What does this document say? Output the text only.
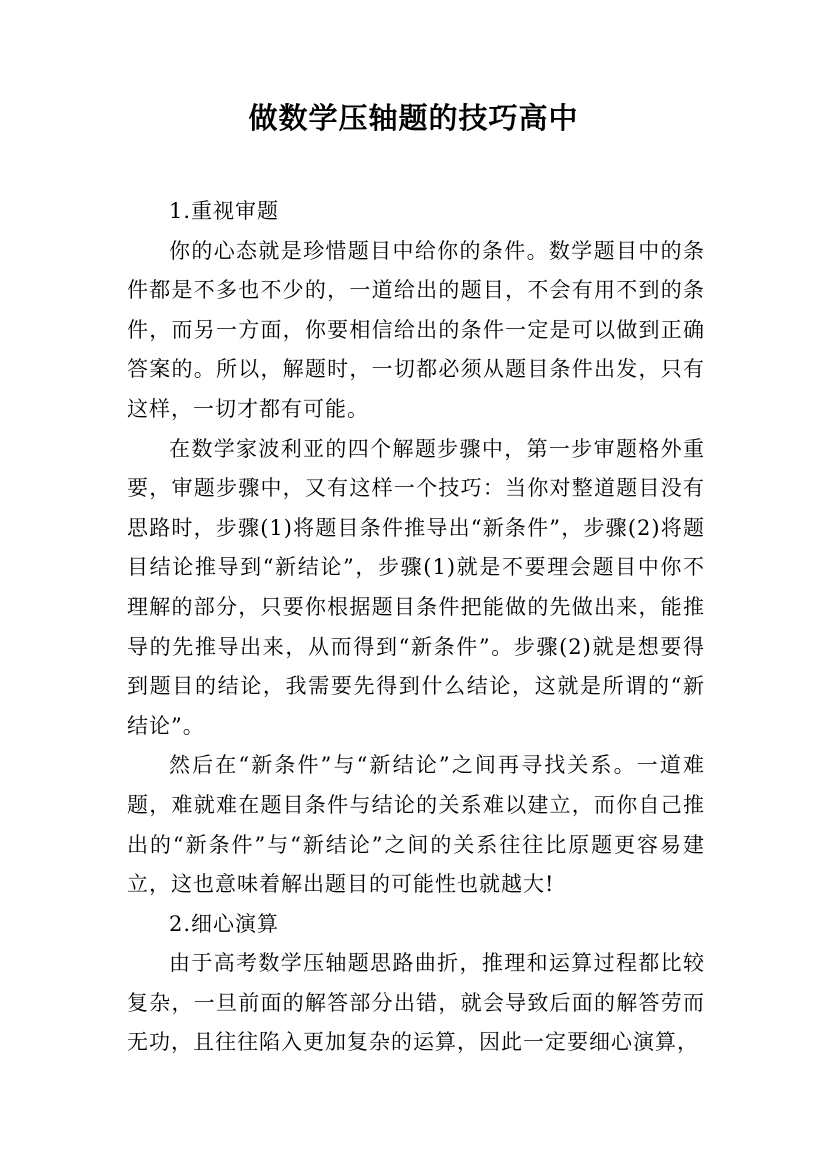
做数学压轴题的技巧高中

1.重视审题

你的心态就是珍惜题目中给你的条件。数学题目中的条件都是不多也不少的，一道给出的题目，不会有用不到的条件，而另一方面，你要相信给出的条件一定是可以做到正确答案的。所以，解题时，一切都必须从题目条件出发，只有这样，一切才都有可能。

在数学家波利亚的四个解题步骤中，第一步审题格外重要，审题步骤中，又有这样一个技巧：当你对整道题目没有思路时，步骤(1)将题目条件推导出“新条件”，步骤(2)将题目结论推导到“新结论”，步骤(1)就是不要理会题目中你不理解的部分，只要你根据题目条件把能做的先做出来，能推导的先推导出来，从而得到“新条件”。步骤(2)就是想要得到题目的结论，我需要先得到什么结论，这就是所谓的“新结论”。

然后在“新条件”与“新结论”之间再寻找关系。一道难题，难就难在题目条件与结论的关系难以建立，而你自己推出的“新条件”与“新结论”之间的关系往往比原题更容易建立，这也意味着解出题目的可能性也就越大!

2.细心演算

由于高考数学压轴题思路曲折，推理和运算过程都比较复杂，一旦前面的解答部分出错，就会导致后面的解答劳而无功，且往往陷入更加复杂的运算，因此一定要细心演算，
